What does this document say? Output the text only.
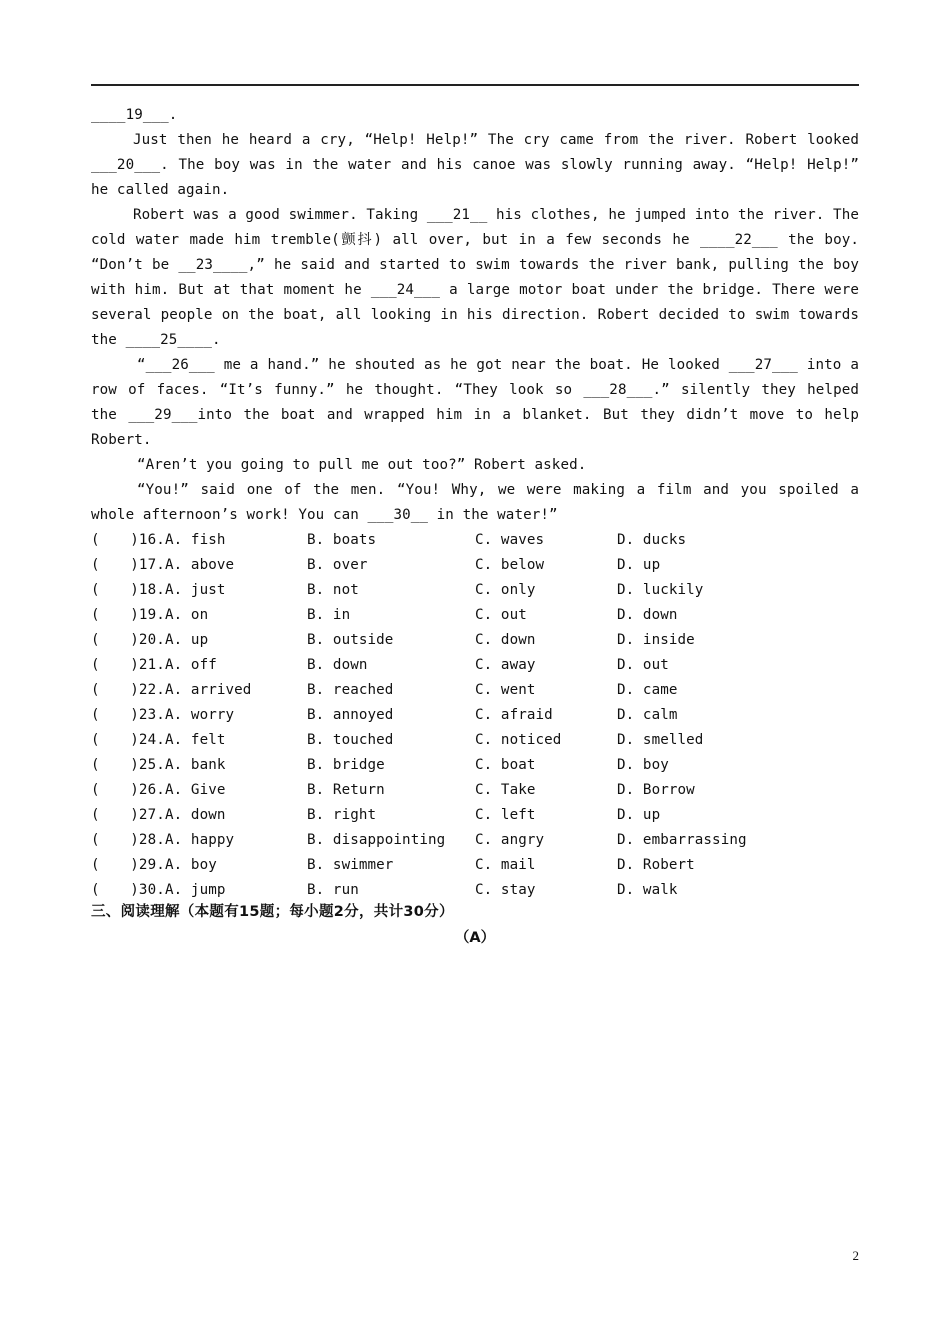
____19___.

Just then he heard a cry, “Help! Help!” The cry came from the river. Robert looked ___20___. The boy was in the water and his canoe was slowly running away. “Help! Help!” he called again.

Robert was a good swimmer. Taking ___21__ his clothes, he jumped into the river. The cold water made him tremble(颤抖) all over, but in a few seconds he ____22___ the boy. “Don’t be __23____,” he said and started to swim towards the river bank, pulling the boy with him. But at that moment he ___24___ a large motor boat under the bridge. There were several people on the boat, all looking in his direction. Robert decided to swim towards the ____25____.

“___26___ me a hand.” he shouted as he got near the boat. He looked ___27___ into a row of faces. “It’s funny.” he thought. “They look so ___28___.” silently they helped the ___29___into the boat and wrapped him in a blanket. But they didn’t move to help Robert.

“Aren’t you going to pull me out too?” Robert asked.

“You!” said one of the men. “You! Why, we were making a film and you spoiled a whole afternoon’s work! You can ___30__ in the water!”

( )16. A. fish	B. boats	C. waves	D. ducks
( )17. A. above	B. over	C. below	D. up
( )18. A. just	B. not	C. only	D. luckily
( )19. A. on	B. in	C. out	D. down
( )20. A. up	B. outside	C. down	D. inside
( )21. A. off	B. down	C. away	D. out
( )22. A. arrived	B. reached	C. went	D. came
( )23. A. worry	B. annoyed	C. afraid	D. calm
( )24. A. felt	B. touched	C. noticed	D. smelled
( )25. A. bank	B. bridge	C. boat	D. boy
( )26. A. Give	B. Return	C. Take	D. Borrow
( )27. A. down	B. right	C. left	D. up
( )28. A. happy	B. disappointing C. angry	D. embarrassing
( )29. A. boy	B. swimmer	C. mail	D. Robert
( )30. A. jump	B. run	C. stay	D. walk
三、阅读理解（本题有15题；每小题2分，共计30分）
（A）
2
